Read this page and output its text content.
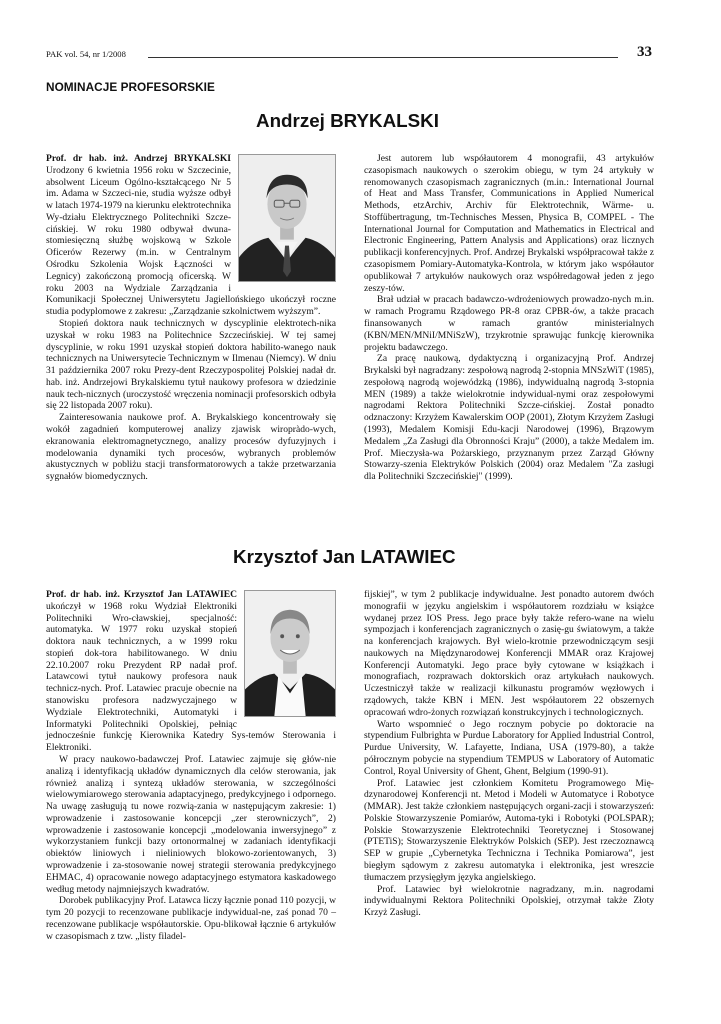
PAK vol. 54, nr 1/2008	33
NOMINACJE PROFESORSKIE
Andrzej BRYKALSKI

Prof. dr hab. inż. Andrzej BRYKALSKI Urodzony 6 kwietnia 1956 roku w Szczecinie, absolwent Liceum Ogólno-kształcącego Nr 5 im. Adama w Szczeci-nie, studia wyższe odbył w latach 1974-1979 na kierunku elektrotechnika Wy-działu Elektrycznego Politechniki Szcze-cińskiej. W roku 1980 odbywał dwuna-stomiesięczną służbę wojskową w Szkole Oficerów Rezerwy (m.in. w Centralnym Ośrodku Szkolenia Wojsk Łączności w Legnicy) zakończoną promocją oficerską. W roku 2003 na Wydziale Zarządzania i Komunikacji Społecznej Uniwersytetu Jagiellońskiego ukończył roczne studia podyplomowe z zakresu: „Zarządzanie szkolnictwem wyższym”.

Stopień doktora nauk technicznych w dyscyplinie elektrotech-nika uzyskał w roku 1983 na Politechnice Szczecińskiej. W tej samej dyscyplinie, w roku 1991 uzyskał stopień doktora habilito-wanego nauk technicznych na Uniwersytecie Technicznym w Ilmenau (Niemcy). W dniu 31 października 2007 roku Prezy-dent Rzeczypospolitej Polskiej nadał dr. hab. inż. Andrzejowi Brykalskiemu tytuł naukowy profesora w dziedzinie nauk tech-nicznych (uroczystość wręczenia nominacji profesorskich odbyła się 22 listopada 2007 roku).

Zainteresowania naukowe prof. A. Brykalskiego koncentrowały się wokół zagadnień komputerowej analizy zjawisk wiropràdo-wych, ekranowania elektromagnetycznego, analizy procesów dyfuzyjnych i modelowania dynamiki tych procesów, wybranych problemów akustycznych w pobliżu stacji transformatorowych a także przetwarzania sygnałów biomedycznych.

Jest autorem lub współautorem 4 monografii, 43 artykułów czasopismach naukowych o szerokim obiegu, w tym 24 artykuły w renomowanych czasopismach zagranicznych (m.in.: International Journal of Heat and Mass Transfer, Communications in Applied Numerical Methods, etzArchiv, Archiv für Elektrotechnik, Wärme- u. Stoffübertragung, tm-Technisches Messen, Physica B, COMPEL - The International Journal for Computation and Mathematics in Electrical and Electronic Engineering, Pattern Analysis and Applications) oraz licznych publikacji konferencyjnych. Prof. Andrzej Brykalski współpracował także z czasopismem Pomiary-Automatyka-Kontrola, w którym jako współautor opublikował 7 artykułów naukowych oraz współredagował jeden z jego zeszy-tów.

Brał udział w pracach badawczo-wdrożeniowych prowadzo-nych m.in. w ramach Programu Rządowego PR-8 oraz CPBR-ów, a także pracach finansowanych w ramach grantów ministerialnych (KBN/MEN/MNiI/MNiSzW), trzykrotnie sprawując funkcję kierownika projektu badawczego.

Za pracę naukową, dydaktyczną i organizacyjną Prof. Andrzej Brykalski był nagradzany: zespołową nagrodą 2-stopnia MNSzWiT (1985), zespołową nagrodą wojewódzką (1986), indywidualną nagrodą 3-stopnia MEN (1989) a także wielokrotnie indywidual-nymi oraz zespołowymi nagrodami Rektora Politechniki Szcze-cińskiej. Został ponadto odznaczony: Krzyżem Kawalerskim OOP (2001), Złotym Krzyżem Zasługi (1993), Medalem Komisji Edu-kacji Narodowej (1996), Brązowym Medalem „Za Zasługi dla Obronności Kraju” (2000), a także Medalem im. Prof. Mieczysła-wa Pożarskiego, przyznanym przez Zarząd Główny Stowarzy-szenia Elektryków Polskich (2004) oraz Medalem "Za zasługi dla Politechniki Szczecińskiej" (1999).

Krzysztof Jan LATAWIEC

Prof. dr hab. inż. Krzysztof Jan LATAWIEC ukończył w 1968 roku Wydział Elektroniki Politechniki Wro-cławskiej, specjalność: automatyka. W 1977 roku uzyskał stopień doktora nauk technicznych, a w 1999 roku stopień dok-tora habilitowanego. W dniu 22.10.2007 roku Prezydent RP nadał prof. Latawcowi tytuł naukowy profesora nauk technicz-nych. Prof. Latawiec pracuje obecnie na stanowisku profesora nadzwyczajnego w Wydziale Elektrotechniki, Automatyki i Informatyki Politechniki Opolskiej, pełniąc jednocześnie funkcję Kierownika Katedry Sys-temów Sterowania i Elektroniki.

W pracy naukowo-badawczej Prof. Latawiec zajmuje się głów-nie analizą i identyfikacją układów dynamicznych dla celów sterowania, jak również analizą i syntezą układów sterowania, w szczególności wielowymiarowego sterowania adaptacyjnego, predykcyjnego i odpornego. Na uwagę zasługują tu nowe rozwią-zania w następującym zakresie: 1) wprowadzenie i zastosowanie koncepcji „zer sterowniczych”, 2) wprowadzenie i zastosowanie koncepcji „modelowania inwersyjnego” z wykorzystaniem funkcji bazy ortonormalnej w zadaniach identyfikacji obiektów liniowych i nieliniowych blokowo-zorientowanych, 3) wprowadzenie i za-stosowanie nowej strategii sterowania predykcyjnego EHMAC, 4) opracowanie nowego adaptacyjnego estymatora kaskadowego według metody najmniejszych kwadratów.

Dorobek publikacyjny Prof. Latawca liczy łącznie ponad 110 pozycji, w tym 20 pozycji to recenzowane publikacje indywidual-ne, zaś ponad 70 – recenzowane publikacje współautorskie. Opu-blikował łącznie 6 artykułów w czasopismach z tzw. „listy filadel-

fijskiej”, w tym 2 publikacje indywidualne. Jest ponadto autorem dwóch monografii w języku angielskim i współautorem rozdziału w książce wydanej przez IOS Press. Jego prace były także refero-wane na wielu sympozjach i konferencjach zagranicznych o zasię-gu światowym, a także na konferencjach krajowych. Był wielo-krotnie przewodniczącym sesji naukowych na Międzynarodowej Konferencji MMAR oraz Krajowej Konferencji Automatyki. Jego prace były cytowane w książkach i monografiach, rozprawach doktorskich oraz artykułach naukowych. Uczestniczył także w realizacji kilkunastu programów węzłowych i rządowych, także KBN i MEN. Jest współautorem 22 obszernych opracowań wdro-żonych rozwiązań konstrukcyjnych i technologicznych.

Warto wspomnieć o Jego rocznym pobycie po doktoracie na stypendium Fulbrighta w Purdue Laboratory for Applied Industrial Control, Purdue University, W. Lafayette, Indiana, USA (1979-80), a także półrocznym pobycie na stypendium TEMPUS w Laboratory of Automatic Control, Royal University of Ghent, Ghent, Belgium (1990-91).

Prof. Latawiec jest członkiem Komitetu Programowego Mię-dzynarodowej Konferencji nt. Metod i Modeli w Automatyce i Robotyce (MMAR). Jest także członkiem następujących organi-zacji i stowarzyszeń: Polskie Stowarzyszenie Pomiarów, Automa-tyki i Robotyki (POLSPAR); Polskie Stowarzyszenie Elektrotechniki Teoretycznej i Stosowanej (PTETiS); Stowarzyszenie Elektryków Polskich (SEP). Jest rzeczoznawcą SEP w grupie „Cybernetyka Techniczna i Technika Pomiarowa”, jest biegłym sądowym z zakresu automatyka i elektronika, jest wreszcie tłumaczem przysięgłym języka angielskiego.

Prof. Latawiec był wielokrotnie nagradzany, m.in. nagrodami indywidualnymi Rektora Politechniki Opolskiej, otrzymał także Złoty Krzyż Zasługi.
